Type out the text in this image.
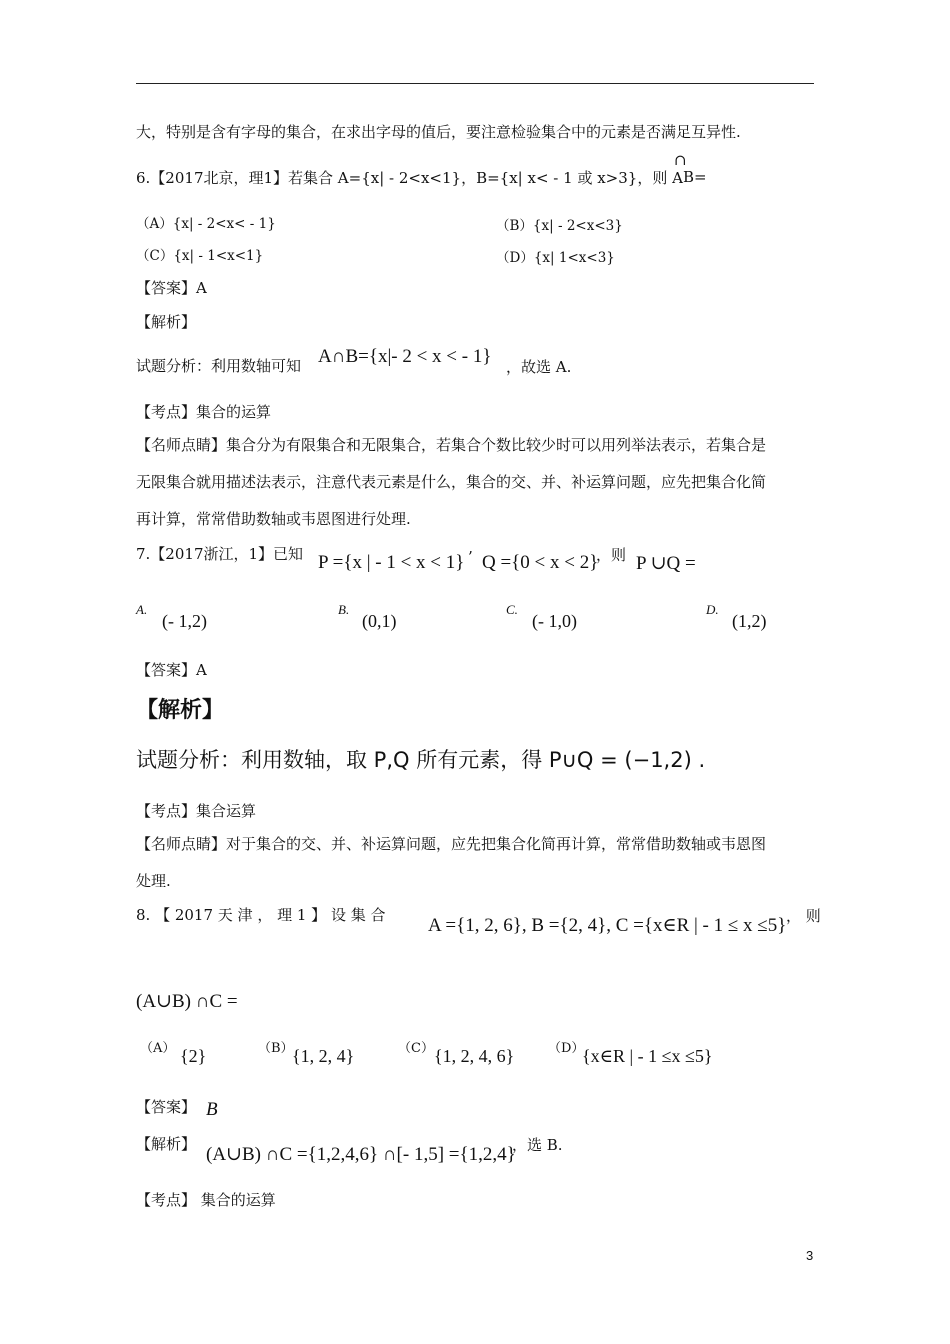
大，特别是含有字母的集合，在求出字母的值后，要注意检验集合中的元素是否满足互异性.
6.【2017北京，理1】若集合 A={x| - 2<x<1}，B={x| x< - 1 或 x>3}，则 A
∩
B=
（A）{x| - 2<x< - 1}	（B）{x| - 2<x<3}
（C）{x| - 1<x<1}	（D）{x| 1<x<3}
【答案】A
【解析】
试题分析：利用数轴可知 A∩B={x|- 2 < x < - 1} ，故选 A.
【考点】集合的运算
【名师点睛】集合分为有限集合和无限集合，若集合个数比较少时可以用列举法表示，若集合是
无限集合就用描述法表示，注意代表元素是什么，集合的交、并、补运算问题，应先把集合化简
再计算，常常借助数轴或韦恩图进行处理.
7.【2017浙江，1】已知 P ={x | - 1 < x < 1} ’ Q ={0 < x < 2}
，则 P ∪Q =
A.
(- 1,2)
B.
(0,1)
C.
(- 1,0)
D.
(1,2)
【答案】A
【解析】
试题分析：利用数轴，取 P,Q 所有元素，得 P∪Q = (−1,2) .
【考点】集合运算
【名师点睛】对于集合的交、并、补运算问题，应先把集合化简再计算，常常借助数轴或韦恩图
处理.
8. 【 2017 天 津 ， 理 1 】 设 集 合 A ={1, 2, 6}, B ={2, 4}, C ={x∈R | - 1 ≤ x ≤5} ， 则
(A∪B) ∩C =
（A） {2}	（B）
{1, 2, 4}	（C） {1, 2, 4, 6}	（D）
{x∈R | - 1 ≤x ≤5}
【答案】 B
【解析】 (A∪B) ∩C ={1,2,4,6} ∩[- 1,5] ={1,2,4}
，选 B.
【考点】 集合的运算
3
